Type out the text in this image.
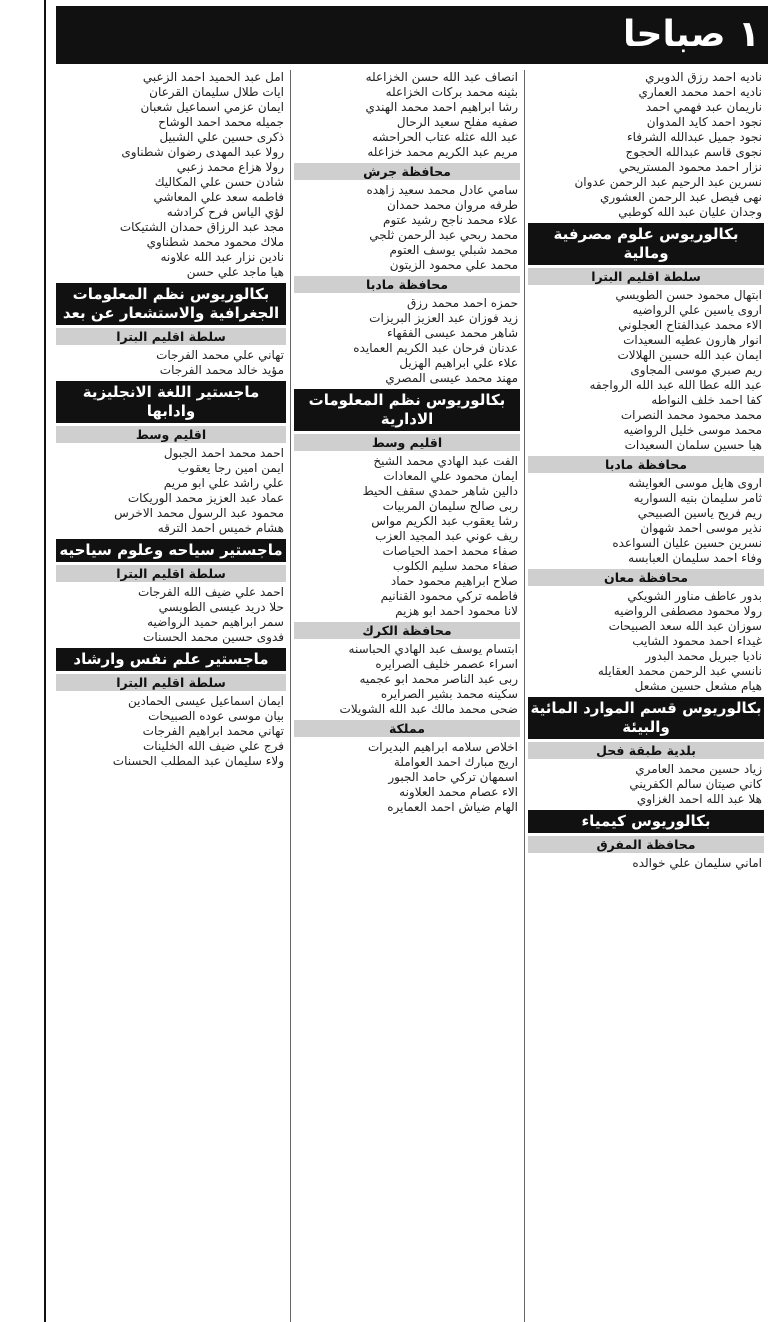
١ صباحا
ناديه احمد رزق الدويري
ناديه احمد محمد العماري
ناريمان عبد فهمي احمد
نجود احمد كايد المدوان
نجود جميل عبدالله الشرفاء
نجوى قاسم عبدالله الحجوج
نزار احمد محمود المستريحي
نسرين عبد الرحيم عبد الرحمن عدوان
نهى فيصل عبد الرحمن العشوري
وجدان عليان عبد الله كوطبي
بكالوريوس علوم مصرفية ومالية
سلطة اقليم البترا
ابتهال محمود حسن الطويسي
اروى ياسين علي الرواضيه
الاء محمد عبدالفتاح العجلوني
انوار هارون عطيه السعيدات
ايمان عبد الله حسين الهلالات
ريم صبري موسى المجاوى
عبد الله عطا الله عبد الله الرواجفه
كفا احمد خلف النواطه
محمد محمود محمد النصرات
محمد موسى خليل الرواضيه
هيا حسين سلمان السعيدات
محافظة مادبا
اروى هايل موسى العوايشه
ثامر سليمان بنيه السواريه
ريم فريح ياسين الصبيحي
نذير موسى احمد شهوان
نسرين حسين عليان السواعده
وفاء احمد سليمان العبابسه
محافظة معان
بدور عاطف مناور الشويكي
رولا محمود مصطفى الرواضيه
سوزان عبد الله سعد الصبيحات
غيداء احمد محمود الشايب
ناديا جبريل محمد البدور
نانسي عبد الرحمن محمد العقايله
هيام مشعل حسين مشعل
بكالوريوس قسم الموارد المائية والبيئة
بلدية طبقة فحل
زياد حسين محمد العامري
كاني صيتان سالم الكفريني
هلا عبد الله احمد الغزاوي
بكالوريوس كيمياء
محافظة المفرق
اماني سليمان علي خوالده
انصاف عبد الله حسن الخزاعله
بثينه محمد بركات الخزاعله
رشا ابراهيم احمد محمد الهندي
صفيه مفلح سعيد الرحال
عبد الله عثله عتاب الحراحشه
مريم عبد الكريم محمد خزاعله
محافظة جرش
سامي عادل محمد سعيد زاهده
طرفه مروان محمد حمدان
علاء محمد ناجح رشيد عتوم
محمد ربحي عبد الرحمن ثلجي
محمد شبلي يوسف العتوم
محمد علي محمود الزيتون
محافظة مادبا
حمزه احمد محمد رزق
زيد فوزان عبد العزيز البريزات
شاهر محمد عيسى الفقهاء
عدنان فرحان عبد الكريم العمايده
علاء علي ابراهيم الهزيل
مهند محمد عيسى المصري
بكالوريوس نظم المعلومات الادارية
اقليم وسط
الفت عبد الهادي محمد الشيخ
ايمان محمود علي المعادات
دالين شاهر حمدي سقف الحيط
ربى صالح سليمان المربيات
رشا يعقوب عبد الكريم مواس
ريف عوني عبد المجيد العزب
صفاء محمد احمد الحياصات
صفاء محمد سليم الكلوب
صلاح ابراهيم محمود حماد
فاطمه تركي محمود القنانيم
لانا محمود احمد ابو هزيم
محافظة الكرك
ابتسام يوسف عبد الهادي الحباسنه
اسراء عصمر خليف الصرايره
ربى عبد الناصر محمد ابو عجميه
سكينه محمد بشير الصرايره
ضحى محمد مالك عبد الله الشويلات
مملكة
اخلاص سلامه ابراهيم البديرات
اريج مبارك احمد العواملة
اسمهان تركي حامد الجبور
الاء عصام محمد العلاونه
الهام ضياش احمد العمايره
امل عبد الحميد احمد الزعبي
ايات طلال سليمان القرعان
ايمان عزمي اسماعيل شعبان
جميله محمد احمد الوشاح
ذكرى حسين علي الشبيل
رولا عبد المهدى رضوان شطناوى
رولا هزاع محمد زعبي
شادن حسن علي المكاليك
فاطمه سعد علي المعاشي
لؤي الياس فرح كرادشه
مجد عبد الرزاق حمدان الشتيكات
ملاك محمود محمد شطناوي
نادين نزار عبد الله علاونه
هيا ماجد علي حسن
بكالوريوس نظم المعلومات الجغرافية والاستشعار عن بعد
سلطة اقليم البترا
تهاني علي محمد الفرجات
مؤيد خالد محمد الفرجات
ماجستير اللغة الانجليزية وادابها
اقليم وسط
احمد محمد احمد الجبول
ايمن امين رجا يعقوب
علي راشد علي ابو مريم
عماد عبد العزيز محمد الوريكات
محمود عبد الرسول محمد الاخرس
هشام خميس احمد الترقه
ماجستير سياحه وعلوم سياحيه
سلطة اقليم البترا
احمد علي ضيف الله الفرجات
حلا دريد عيسى الطويسي
سمر ابراهيم حميد الرواضيه
فدوى حسين محمد الحسنات
ماجستير علم نفس وارشاد
سلطة اقليم البترا
ايمان اسماعيل عيسى الحمادين
بيان موسى عوده الصبيحات
تهاني محمد ابراهيم الفرجات
فرج علي ضيف الله الخلينات
ولاء سليمان عبد المطلب الحسنات
